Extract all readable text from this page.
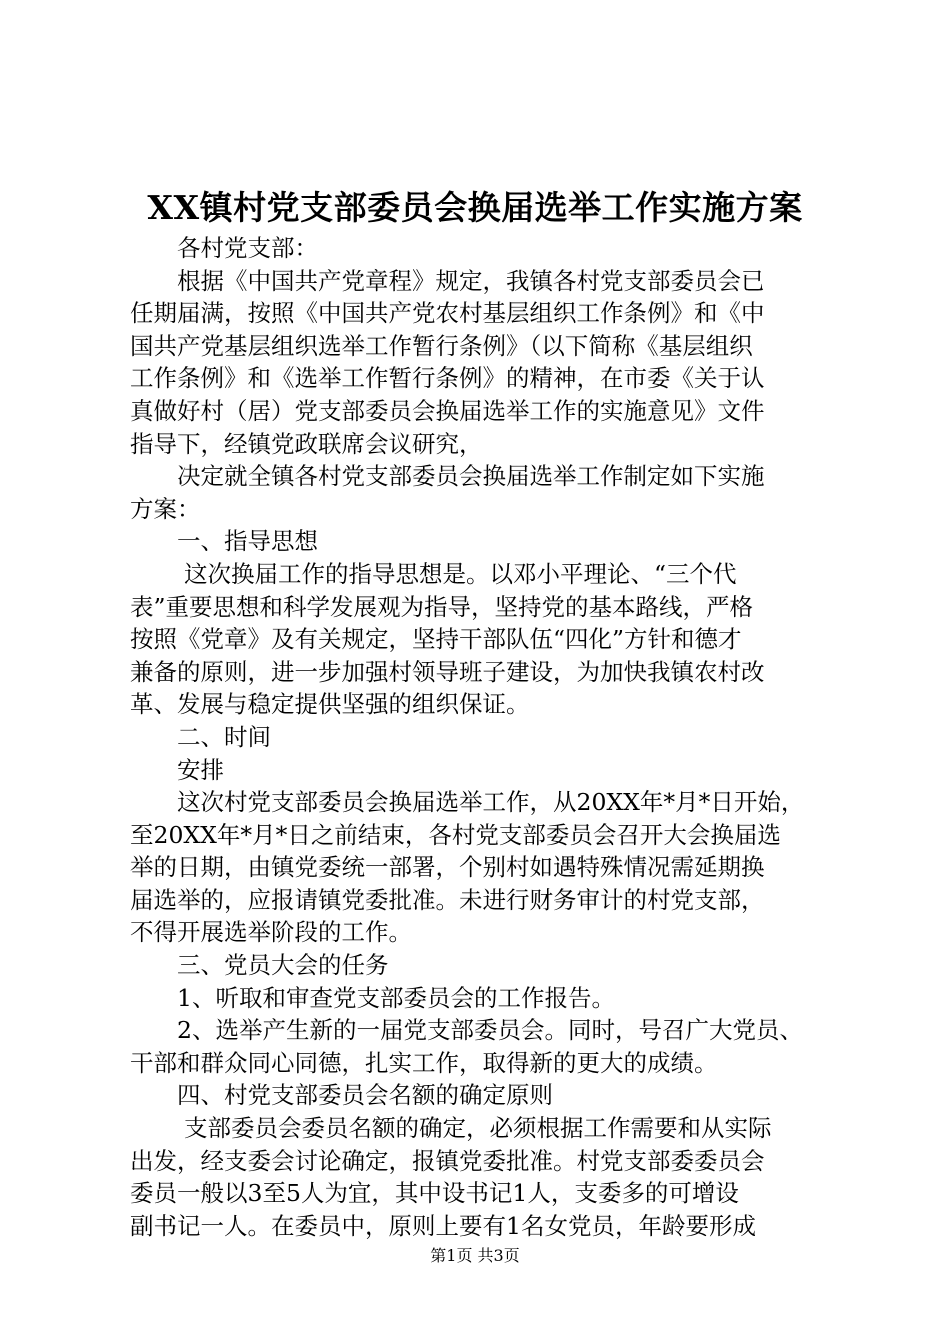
XX镇村党支部委员会换届选举工作实施方案
各村党支部：
根据《中国共产党章程》规定，我镇各村党支部委员会已
任期届满，按照《中国共产党农村基层组织工作条例》和《中
国共产党基层组织选举工作暂行条例》（以下简称《基层组织
工作条例》和《选举工作暂行条例》的精神，在市委《关于认
真做好村（居）党支部委员会换届选举工作的实施意见》文件
指导下，经镇党政联席会议研究，
决定就全镇各村党支部委员会换届选举工作制定如下实施
方案：
一、指导思想
这次换届工作的指导思想是。以邓小平理论、“三个代
表”重要思想和科学发展观为指导，坚持党的基本路线，严格
按照《党章》及有关规定，坚持干部队伍“四化”方针和德才
兼备的原则，进一步加强村领导班子建设，为加快我镇农村改
革、发展与稳定提供坚强的组织保证。
二、时间
安排
这次村党支部委员会换届选举工作，从20XX年*月*日开始，
至20XX年*月*日之前结束，各村党支部委员会召开大会换届选
举的日期，由镇党委统一部署，个别村如遇特殊情况需延期换
届选举的，应报请镇党委批准。未进行财务审计的村党支部，
不得开展选举阶段的工作。
三、党员大会的任务
1、听取和审查党支部委员会的工作报告。
2、选举产生新的一届党支部委员会。同时，号召广大党员、
干部和群众同心同德，扎实工作，取得新的更大的成绩。
四、村党支部委员会名额的确定原则
支部委员会委员名额的确定，必须根据工作需要和从实际
出发，经支委会讨论确定，报镇党委批准。村党支部委委员会
委员一般以3至5人为宜，其中设书记1人，支委多的可增设
副书记一人。在委员中，原则上要有1名女党员，年龄要形成
第1页 共3页
